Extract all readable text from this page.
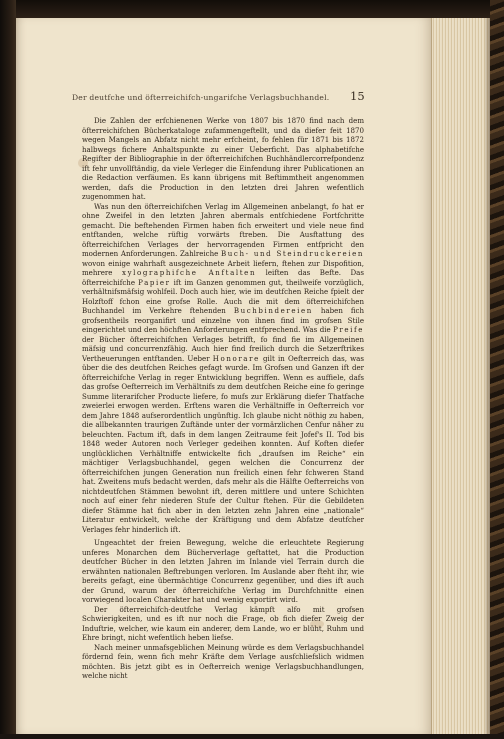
Der deutfche und öfterreichifch-ungarifche Verlagsbuchhandel.	15

Die Zahlen der erfchienenen Werke von 1807 bis 1870 find nach dem öfterreichifchen Bücherkataloge zufammengeftellt, und da diefer feit 1870 wegen Mangels an Abfatz nicht mehr erfcheint, fo fehlen für 1871 bis 1872 halbwegs fichere Anhaltspunkte zu einer Ueberficht. Das alphabetifche Regifter der Bibliographie in der öfterreichifchen Buchhändlercorrefpondenz ift fehr unvollftändig, da viele Verleger die Einfendung ihrer Publicationen an die Redaction verfäumen. Es kann übrigens mit Beftimmtheit angenommen werden, dafs die Production in den letzten drei Jahren wefentlich zugenommen hat.

Was nun den öfterreichifchen Verlag im Allgemeinen anbelangt, fo hat er ohne Zweifel in den letzten Jahren abermals entfchiedene Fortfchritte gemacht. Die beftehenden Firmen haben fich erweitert und viele neue find entftanden, welche rüftig vorwärts ftreben. Die Ausftattung des öfterreichifchen Verlages der hervorragenden Firmen entfpricht den modernen Anforderungen. Zahlreiche Buch- und Steindruckereien wovon einige wahrhaft ausgezeichnete Arbeit liefern, ftehen zur Dispofition, mehrere xylographifche Anftalten leiften das Befte. Das öfterreichifche Papier ift im Ganzen genommen gut, theilweife vorzüglich, verhältnifsmäfsig wohlfeil. Doch auch hier, wie im deutfchen Reiche fpielt der Holzftoff fchon eine grofse Rolle. Auch die mit dem öfterreichifchen Buchhandel im Verkehre ftehenden Buchbindereien haben fich grofsentheils reorganifirt und einzelne von ihnen find im grofsen Stile eingerichtet und den höchften Anforderungen entfprechend. Was die Preife der Bücher öfterreichifchen Verlages betrifft, fo find fie im Allgemeinen mäfsig und concurrenzfähig. Auch hier find freilich durch die Setzerftrikes Vertheuerungen entftanden. Ueber Honorare gilt in Oefterreich das, was über die des deutfchen Reiches gefagt wurde. Im Grofsen und Ganzen ift der öfterreichifche Verlag in reger Entwicklung begriffen. Wenn es auffiele, dafs das grofse Oefterreich im Verhältnifs zu dem deutfchen Reiche eine fo geringe Summe literarifcher Producte liefere, fo mufs zur Erklärung diefer Thatfache zweierlei erwogen werden. Erftens waren die Verhältniffe in Oefterreich vor dem Jahre 1848 aufserordentlich ungünftig. Ich glaube nicht nöthig zu haben, die allbekannten traurigen Zuftände unter der vormärzlichen Cenfur näher zu beleuchten. Factum ift, dafs in dem langen Zeitraume feit Jofef's II. Tod bis 1848 weder Autoren noch Verleger gedeihen konnten. Auf Koften diefer unglücklichen Verhältniffe entwickelte fich „draufsen im Reiche“ ein mächtiger Verlagsbuchhandel, gegen welchen die Concurrenz der öfterreichifchen jungen Generation nun freilich einen fehr fchweren Stand hat. Zweitens mufs bedacht werden, dafs mehr als die Hälfte Oefterreichs von nichtdeutfchen Stämmen bewohnt ift, deren mittlere und untere Schichten noch auf einer fehr niederen Stufe der Cultur ftehen. Für die Gebildeten diefer Stämme hat fich aber in den letzten zehn Jahren eine „nationale“ Literatur entwickelt, welche der Kräftigung und dem Abfatze deutfcher Verlages fehr hinderlich ift.

Ungeachtet der freien Bewegung, welche die erleuchtete Regierung unferes Monarchen dem Bücherverlage geftattet, hat die Production deutfcher Bücher in den letzten Jahren im Inlande viel Terrain durch die erwähnten nationalen Beftrebungen verloren. Im Auslande aber fteht ihr, wie bereits gefagt, eine übermächtige Concurrenz gegenüber, und dies ift auch der Grund, warum der öfterreichifche Verlag im Durchfchnitte einen vorwiegend localen Charakter hat und wenig exportirt wird.

Der öfterreichifch-deutfche Verlag kämpft alfo mit grofsen Schwierigkeiten, und es ift nur noch die Frage, ob fich diefer Zweig der Induftrie, welcher, wie kaum ein anderer, dem Lande, wo er blüht, Ruhm und Ehre bringt, nicht wefentlich heben liefse.

Nach meiner unmafsgeblichen Meinung würde es dem Verlagsbuchhandel fördernd fein, wenn fich mehr Kräfte dem Verlage ausfchliefslich widmen möchten. Bis jetzt gibt es in Oefterreich wenige Verlagsbuchhandlungen, welche nicht
